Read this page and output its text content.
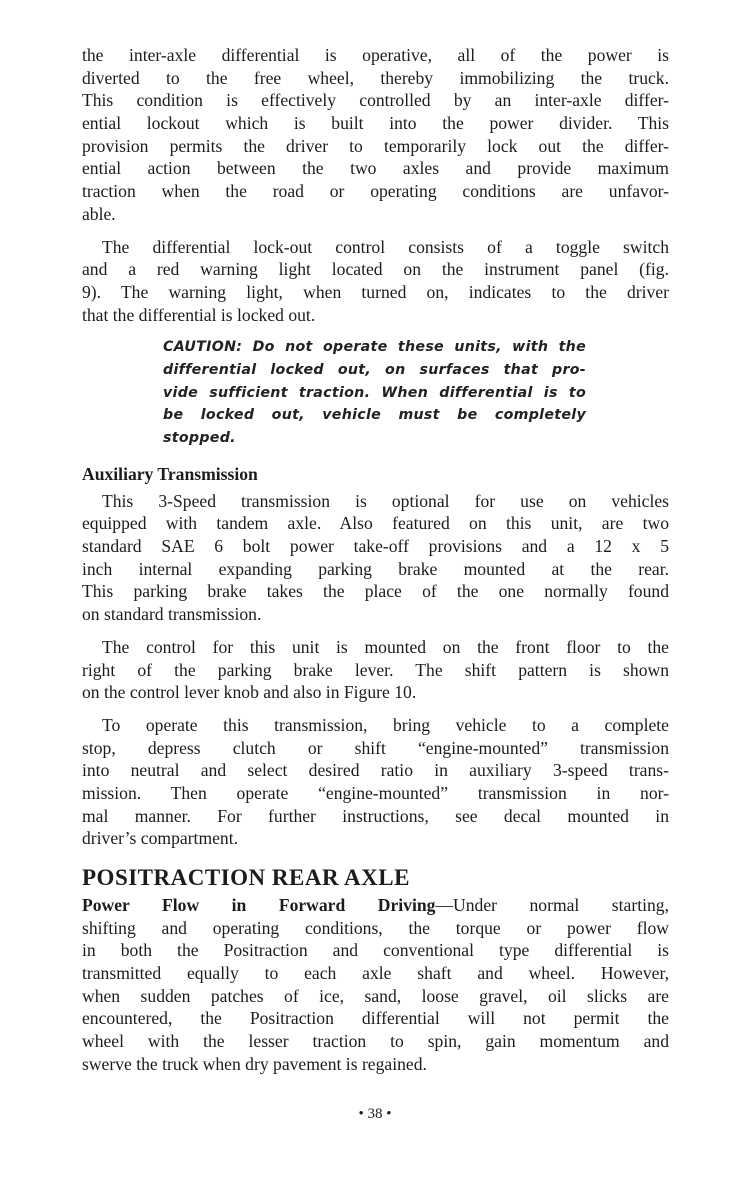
the inter-axle differential is operative, all of the power is
diverted to the free wheel, thereby immobilizing the truck.
This condition is effectively controlled by an inter-axle differ-
ential lockout which is built into the power divider. This
provision permits the driver to temporarily lock out the differ-
ential action between the two axles and provide maximum
traction when the road or operating conditions are unfavor-
able.
The differential lock-out control consists of a toggle switch
and a red warning light located on the instrument panel (fig.
9). The warning light, when turned on, indicates to the driver
that the differential is locked out.
CAUTION: Do not operate these units, with the
differential locked out, on surfaces that pro-
vide sufficient traction. When differential is to
be locked out, vehicle must be completely
stopped.
Auxiliary Transmission
This 3-Speed transmission is optional for use on vehicles
equipped with tandem axle. Also featured on this unit, are two
standard SAE 6 bolt power take-off provisions and a 12 x 5
inch internal expanding parking brake mounted at the rear.
This parking brake takes the place of the one normally found
on standard transmission.
The control for this unit is mounted on the front floor to the
right of the parking brake lever. The shift pattern is shown
on the control lever knob and also in Figure 10.
To operate this transmission, bring vehicle to a complete
stop, depress clutch or shift “engine-mounted” transmission
into neutral and select desired ratio in auxiliary 3-speed trans-
mission. Then operate “engine-mounted” transmission in nor-
mal manner. For further instructions, see decal mounted in
driver’s compartment.
POSITRACTION REAR AXLE
Power Flow in Forward Driving—Under normal starting,
shifting and operating conditions, the torque or power flow
in both the Positraction and conventional type differential is
transmitted equally to each axle shaft and wheel. However,
when sudden patches of ice, sand, loose gravel, oil slicks are
encountered, the Positraction differential will not permit the
wheel with the lesser traction to spin, gain momentum and
swerve the truck when dry pavement is regained.
• 38 •
